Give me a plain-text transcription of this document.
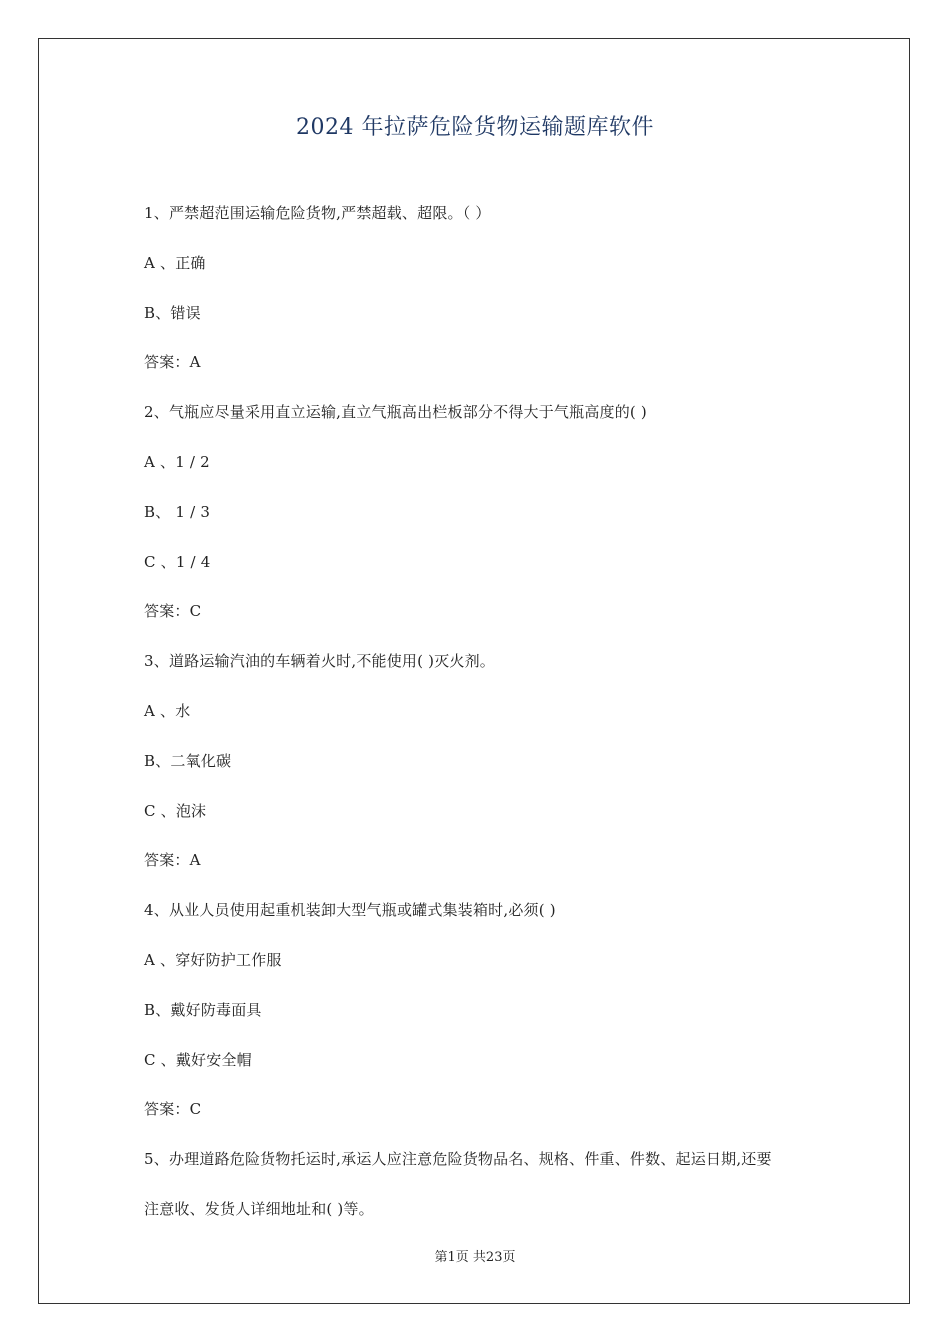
2024 年拉萨危险货物运输题库软件
1、严禁超范围运输危险货物,严禁超载、超限。（ ）
A 、正确
B、错误
答案：A
2、气瓶应尽量采用直立运输,直立气瓶高出栏板部分不得大于气瓶高度的( )
A 、1 / 2
B、 1 / 3
C 、1 / 4
答案：C
3、道路运输汽油的车辆着火时,不能使用( )灭火剂。
A 、水
B、二氧化碳
C 、泡沫
答案：A
4、从业人员使用起重机装卸大型气瓶或罐式集装箱时,必须( )
A 、穿好防护工作服
B、戴好防毒面具
C 、戴好安全帽
答案：C
5、办理道路危险货物托运时,承运人应注意危险货物品名、规格、件重、件数、起运日期,还要
注意收、发货人详细地址和( )等。
第1页 共23页
